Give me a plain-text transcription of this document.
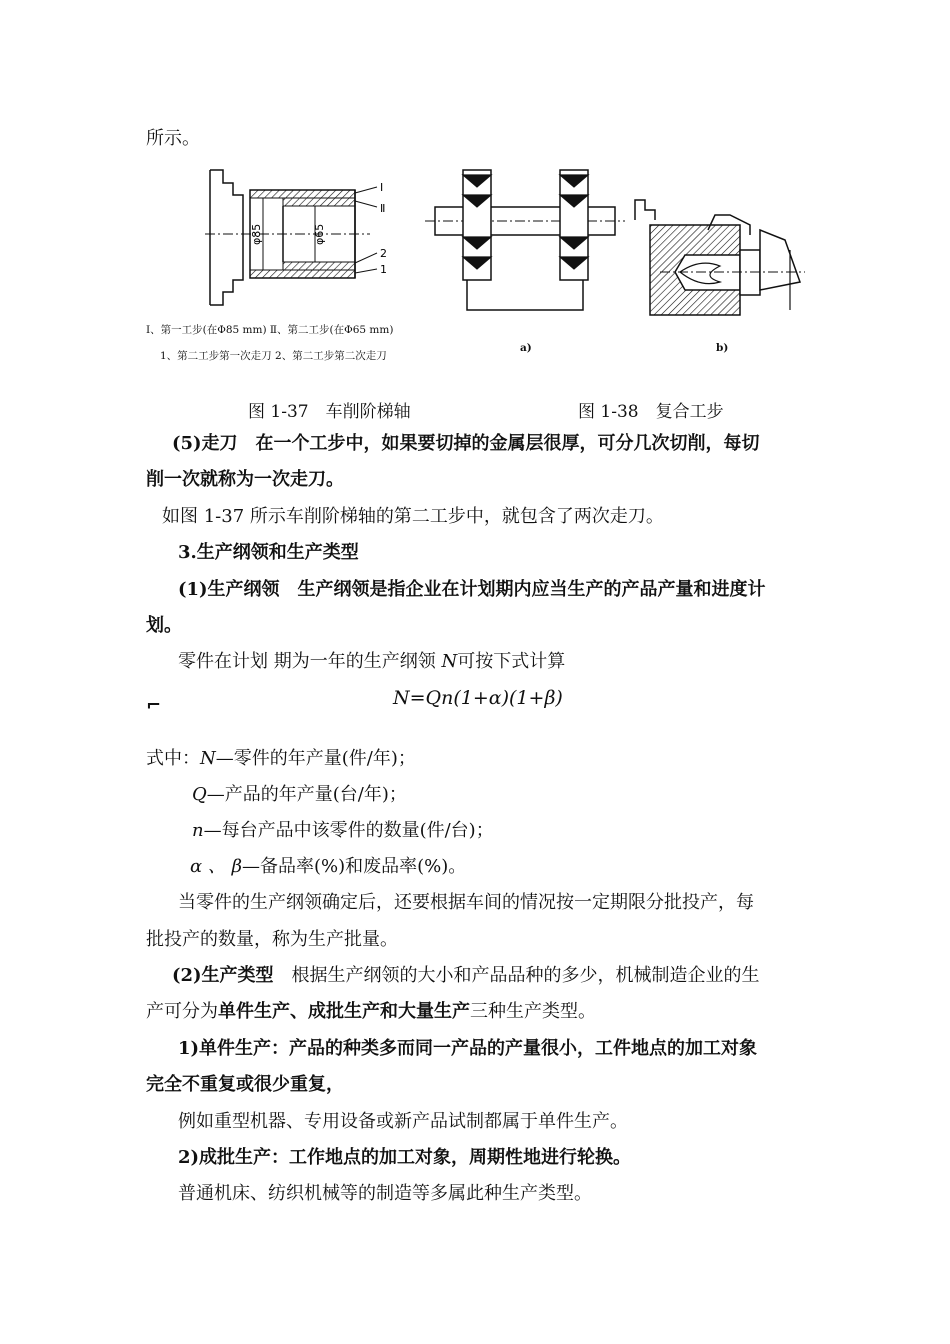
所示。
φ85	φ65
I
Ⅱ
2
1
Ⅰ、第一工步(在Φ85 mm) Ⅱ、第二工步(在Φ65 mm)
1、第二工步第一次走刀 2、第二工步第二次走刀
a)	b)
图 1-37　车削阶梯轴	图 1-38　复合工步
(5)走刀　在一个工步中，如果要切掉的金属层很厚，可分几次切削，每切
削一次就称为一次走刀。
如图 1-37 所示车削阶梯轴的第二工步中，就包含了两次走刀。
3.生产纲领和生产类型
(1)生产纲领　生产纲领是指企业在计划期内应当生产的产品产量和进度计
划。
零件在计划 期为一年的生产纲领 N可按下式计算
N=Qn(1+α)(1+β)
⌐
式中：N—零件的年产量(件/年)；
Q—产品的年产量(台/年)；
n—每台产品中该零件的数量(件/台)；
α 、 β—备品率(%)和废品率(%)。
当零件的生产纲领确定后，还要根据车间的情况按一定期限分批投产，每
批投产的数量，称为生产批量。
(2)生产类型　根据生产纲领的大小和产品品种的多少，机械制造企业的生
产可分为单件生产、成批生产和大量生产三种生产类型。
1)单件生产：产品的种类多而同一产品的产量很小，工件地点的加工对象
完全不重复或很少重复，
例如重型机器、专用设备或新产品试制都属于单件生产。
2)成批生产：工作地点的加工对象，周期性地进行轮换。
普通机床、纺织机械等的制造等多属此种生产类型。
